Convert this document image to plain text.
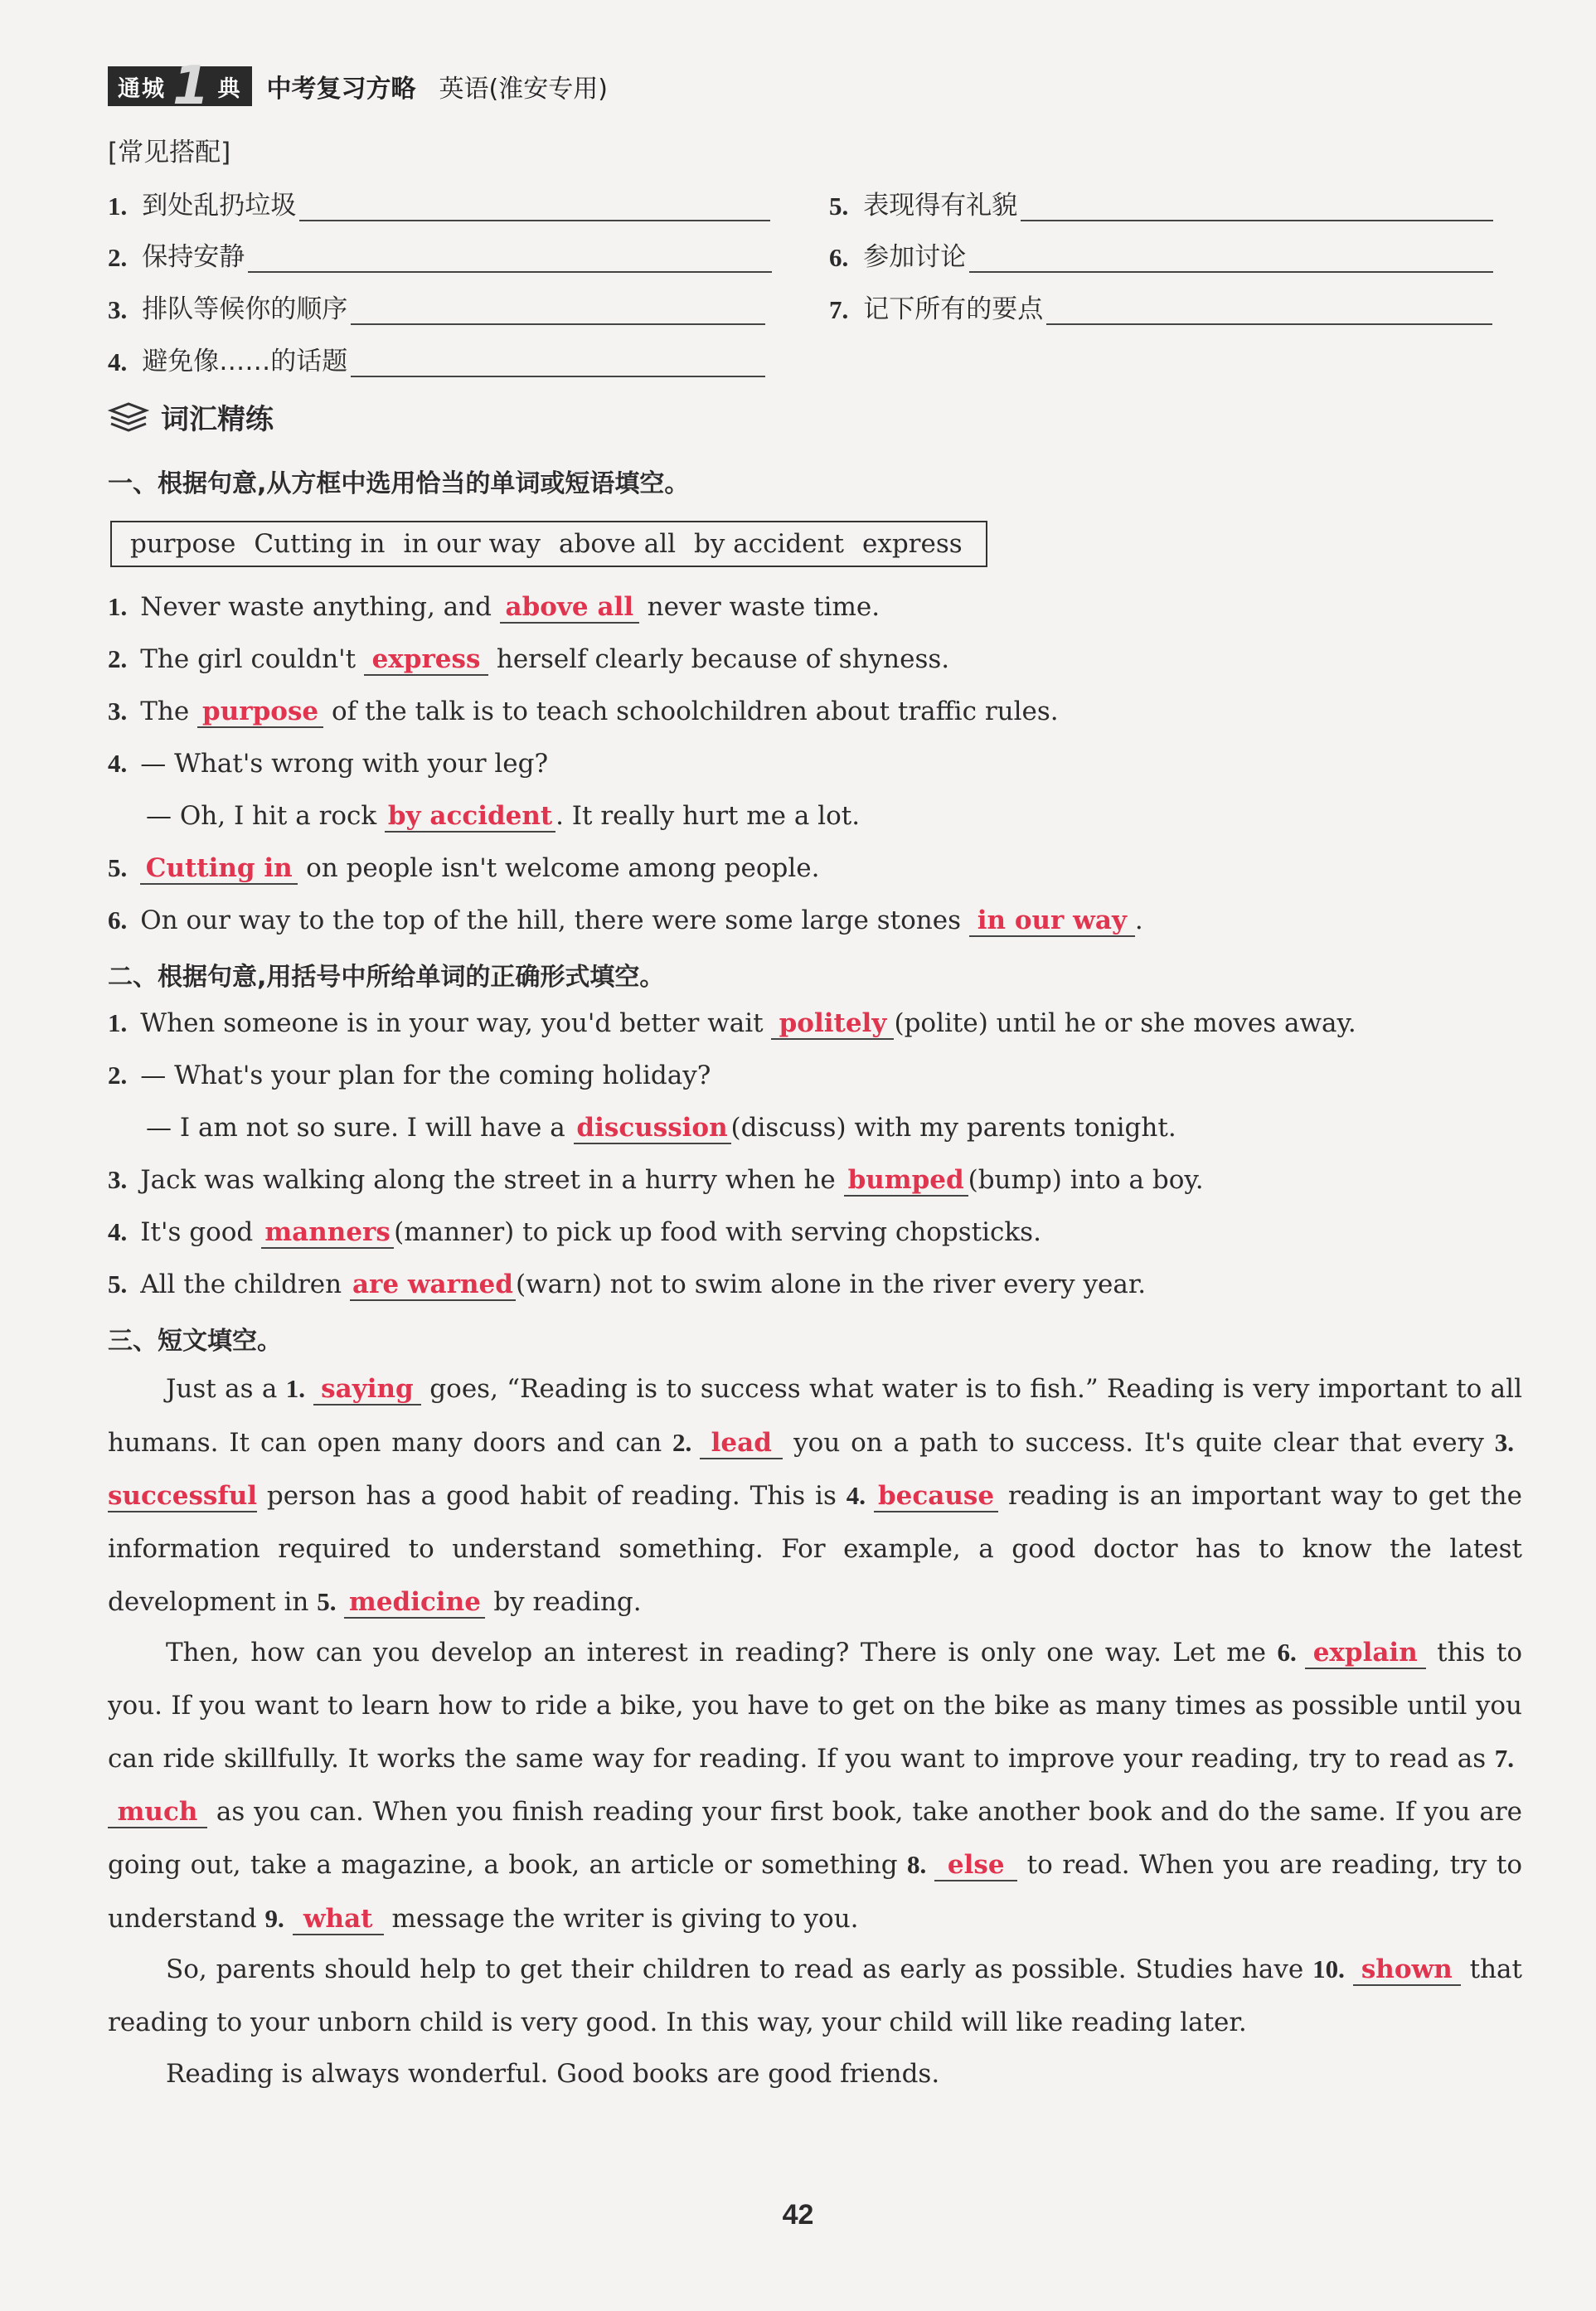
通城 1 典 中考复习方略 英语(淮安专用)
[常见搭配]
1. 到处乱扔垃圾
2. 保持安静
3. 排队等候你的顺序
4. 避免像……的话题
5. 表现得有礼貌
6. 参加讨论
7. 记下所有的要点
词汇精练
一、根据句意,从方框中选用恰当的单词或短语填空。
purpose Cutting in in our way above all by accident express
1. Never waste anything, and above all never waste time.
2. The girl couldn't express herself clearly because of shyness.
3. The purpose of the talk is to teach schoolchildren about traffic rules.
4. — What's wrong with your leg?
— Oh, I hit a rock by accident . It really hurt me a lot.
5. Cutting in on people isn't welcome among people.
6. On our way to the top of the hill, there were some large stones in our way .
二、根据句意,用括号中所给单词的正确形式填空。
1. When someone is in your way, you'd better wait politely (polite) until he or she moves away.
2. — What's your plan for the coming holiday?
— I am not so sure. I will have a discussion (discuss) with my parents tonight.
3. Jack was walking along the street in a hurry when he bumped (bump) into a boy.
4. It's good manners (manner) to pick up food with serving chopsticks.
5. All the children are warned(warn) not to swim alone in the river every year.
三、短文填空。
Just as a 1. saying goes, “Reading is to success what water is to fish.” Reading is very important to all humans. It can open many doors and can 2. lead you on a path to success. It's quite clear that every 3.successful person has a good habit of reading. This is 4. because reading is an important way to get the information required to understand something. For example, a good doctor has to know the latest development in 5. medicine by reading.
Then, how can you develop an interest in reading? There is only one way. Let me 6. explain this to you. If you want to learn how to ride a bike, you have to get on the bike as many times as possible until you can ride skillfully. It works the same way for reading. If you want to improve your reading, try to read as 7.much as you can. When you finish reading your first book, take another book and do the same. If you are going out, take a magazine, a book, an article or something 8. else to read. When you are reading, try to understand 9. what message the writer is giving to you.
So, parents should help to get their children to read as early as possible. Studies have 10. shown that reading to your unborn child is very good. In this way, your child will like reading later.
Reading is always wonderful. Good books are good friends.
42
